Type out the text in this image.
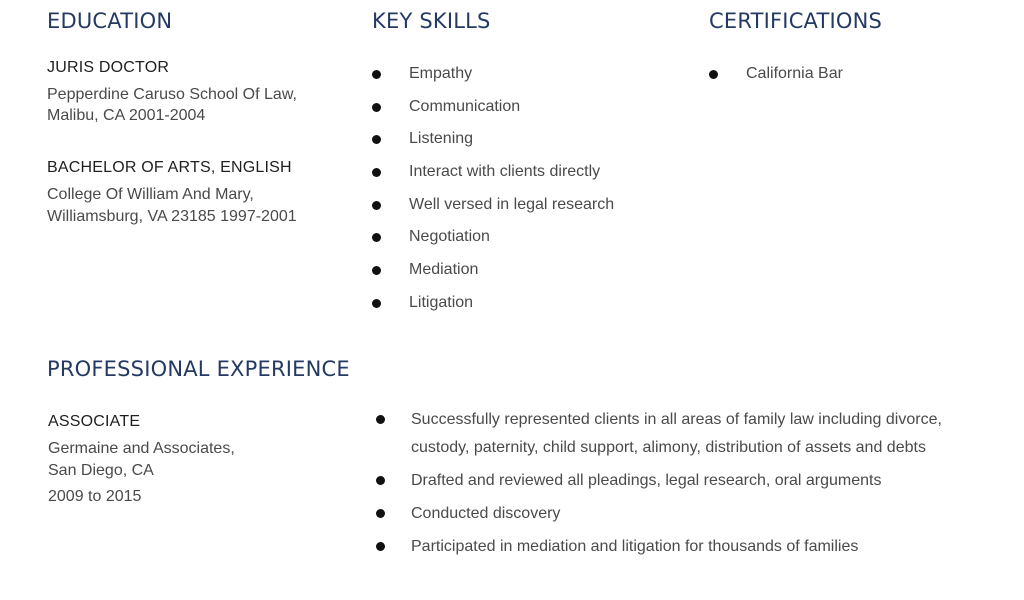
EDUCATION
JURIS DOCTOR
Pepperdine Caruso School Of Law,
Malibu, CA 2001-2004
BACHELOR OF ARTS, ENGLISH
College Of William And Mary,
Williamsburg, VA 23185 1997-2001
KEY SKILLS
Empathy
Communication
Listening
Interact with clients directly
Well versed in legal research
Negotiation
Mediation
Litigation
CERTIFICATIONS
California Bar
PROFESSIONAL EXPERIENCE
ASSOCIATE
Germaine and Associates,
San Diego, CA
2009 to 2015
Successfully represented clients in all areas of family law including divorce,
custody, paternity, child support, alimony, distribution of assets and debts
Drafted and reviewed all pleadings, legal research, oral arguments
Conducted discovery
Participated in mediation and litigation for thousands of families
